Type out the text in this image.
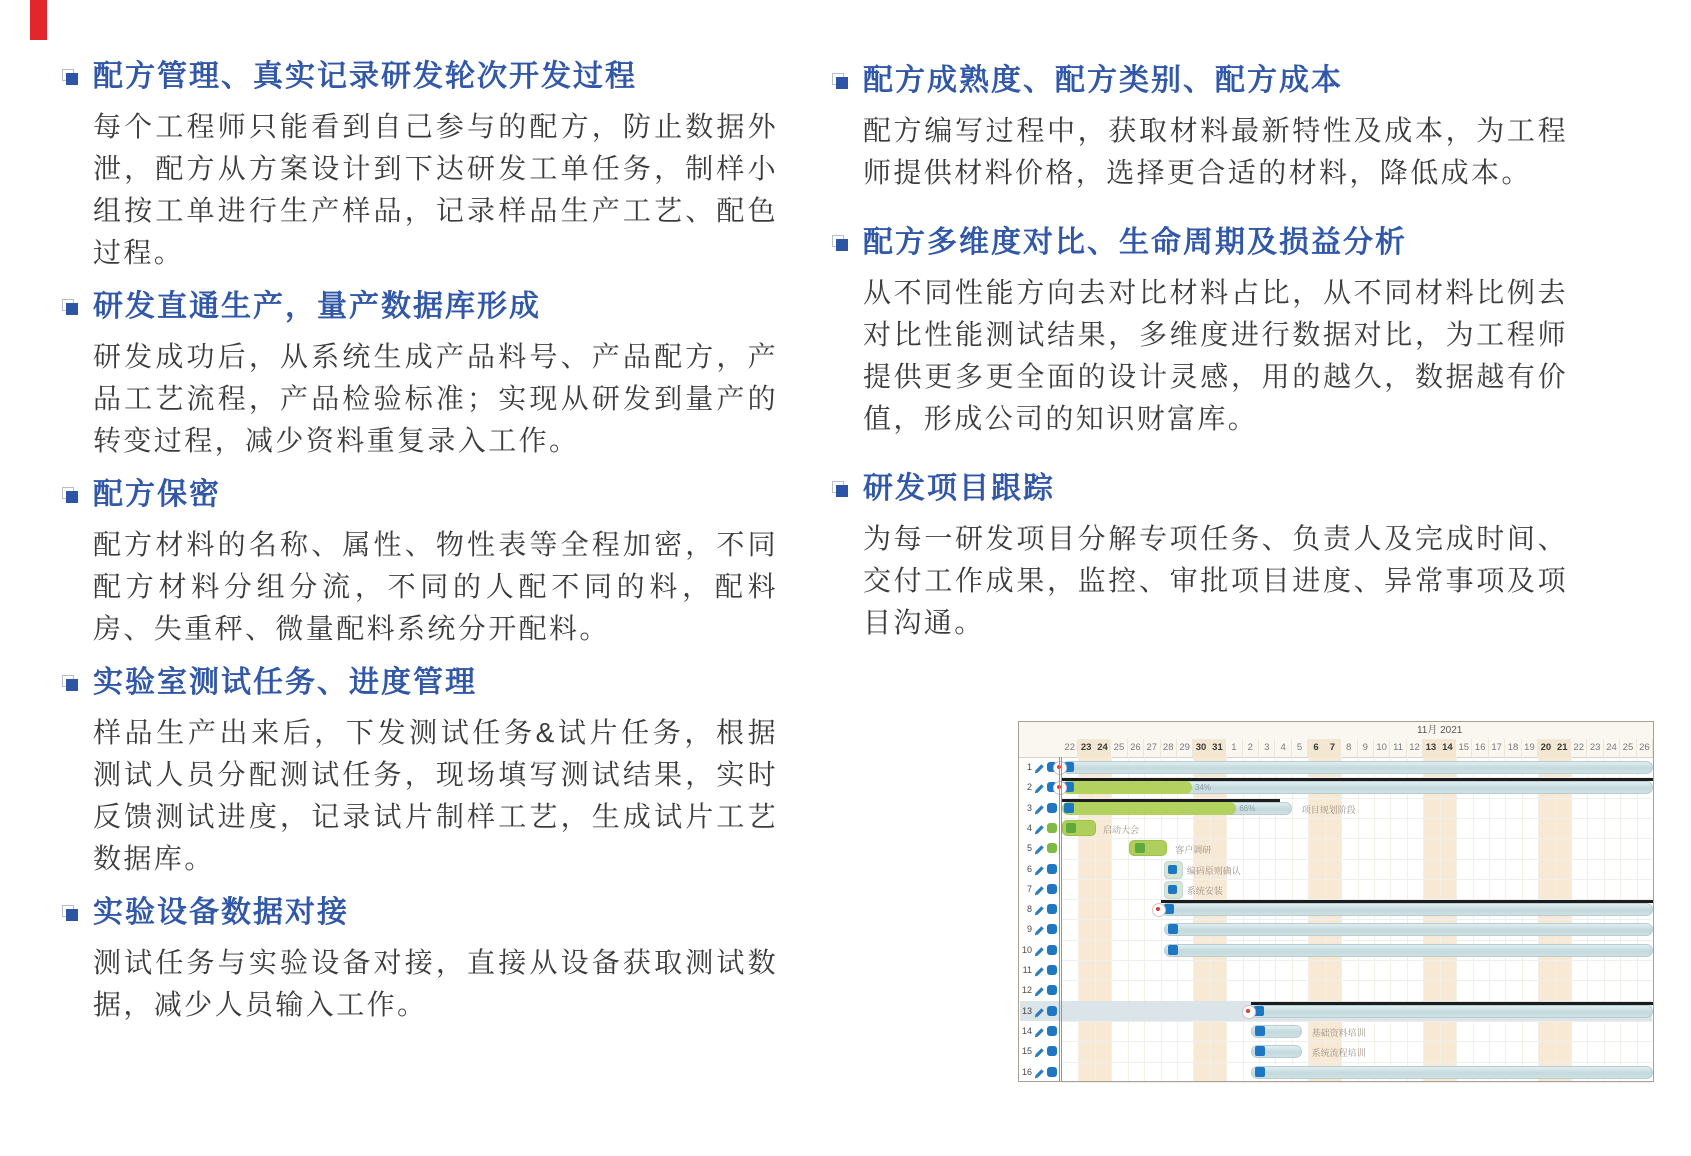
配方管理、真实记录研发轮次开发过程

每个工程师只能看到自己参与的配方，防止数据外泄，配方从方案设计到下达研发工单任务，制样小组按工单进行生产样品，记录样品生产工艺、配色过程。

研发直通生产，量产数据库形成

研发成功后，从系统生成产品料号、产品配方，产品工艺流程，产品检验标准；实现从研发到量产的转变过程，减少资料重复录入工作。

配方保密

配方材料的名称、属性、物性表等全程加密，不同配方材料分组分流，不同的人配不同的料，配料房、失重秤、微量配料系统分开配料。

实验室测试任务、进度管理

样品生产出来后，下发测试任务&试片任务，根据测试人员分配测试任务，现场填写测试结果，实时反馈测试进度，记录试片制样工艺，生成试片工艺数据库。

实验设备数据对接

测试任务与实验设备对接，直接从设备获取测试数据，减少人员输入工作。

配方成熟度、配方类别、配方成本

配方编写过程中，获取材料最新特性及成本，为工程师提供材料价格，选择更合适的材料，降低成本。

配方多维度对比、生命周期及损益分析

从不同性能方向去对比材料占比，从不同材料比例去对比性能测试结果，多维度进行数据对比，为工程师提供更多更全面的设计灵感，用的越久，数据越有价值，形成公司的知识财富库。

研发项目跟踪

为每一研发项目分解专项任务、负责人及完成时间、交付工作成果，监控、审批项目进度、异常事项及项目沟通。

11月 2021
22 23 24 25 26 27 28 29 30 31 1	2	3	4	5	6	7	8	9 10 11 12 13 14 15 16 17 18 19 20 21 22 23 24 25 26
1
2	34%
3	66%	项目规划阶段
4	启动大会
5	客户调研
6	编码原则确认
7	系统安装
8
9
10
11
12
13
14	基础资料培训
15	系统流程培训
16
